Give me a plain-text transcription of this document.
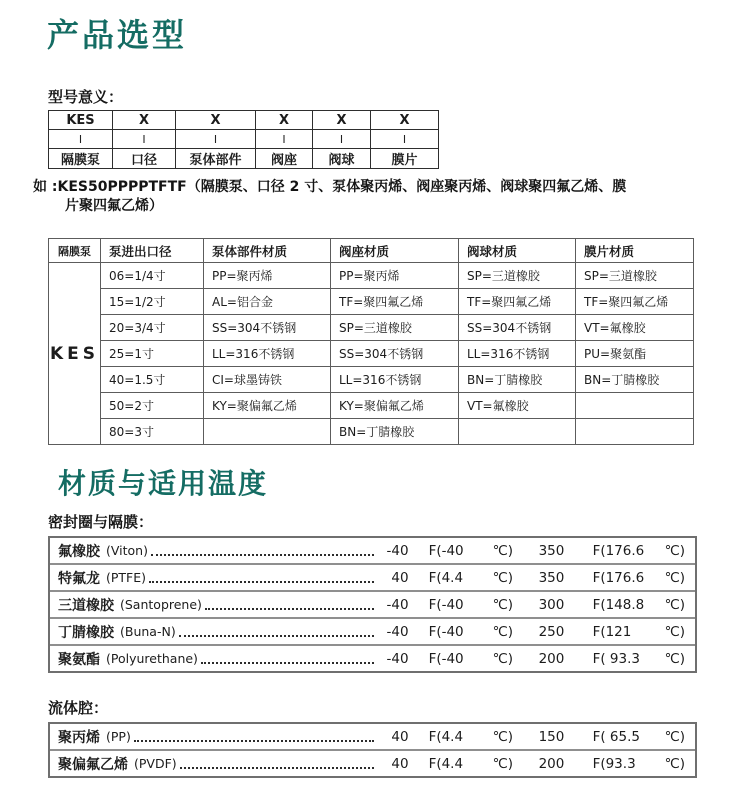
产品选型
型号意义：
KES	X	X	X	X	X
I	I	I	I	I	I
隔膜泵	口径	泵体部件	阀座	阀球	膜片
如 :KES50PPPPTFTF（隔膜泵、口径 2 寸、泵体聚丙烯、阀座聚丙烯、阀球聚四氟乙烯、膜
片聚四氟乙烯）
隔膜泵	泵进出口径	泵体部件材质	阀座材质	阀球材质	膜片材质
KES	06=1/4寸	PP=聚丙烯	PP=聚丙烯	SP=三道橡胶	SP=三道橡胶
	15=1/2寸	AL=铝合金	TF=聚四氟乙烯	TF=聚四氟乙烯	TF=聚四氟乙烯
	20=3/4寸	SS=304不锈钢	SP=三道橡胶	SS=304不锈钢	VT=氟橡胶
	25=1寸	LL=316不锈钢	SS=304不锈钢	LL=316不锈钢	PU=聚氨酯
	40=1.5寸	CI=球墨铸铁	LL=316不锈钢	BN=丁腈橡胶	BN=丁腈橡胶
	50=2寸	KY=聚偏氟乙烯	KY=聚偏氟乙烯	VT=氟橡胶	
	80=3寸		BN=丁腈橡胶		
材质与适用温度
密封圈与隔膜：
氟橡胶 (Viton)	-40 F(-40	℃)	350	F(176.6	℃)
特氟龙 (PTFE)	40 F(4.4	℃)	350	F(176.6	℃)
三道橡胶 (Santoprene)	-40 F(-40	℃)	300	F(148.8	℃)
丁腈橡胶 (Buna-N)	-40 F(-40	℃)	250	F(121	℃)
聚氨酯 (Polyurethane)	-40 F(-40	℃)	200	F( 93.3	℃)
流体腔：
聚丙烯 (PP)	40 F(4.4	℃)	150	F( 65.5	℃)
聚偏氟乙烯 (PVDF)	40 F(4.4	℃)	200	F(93.3	℃)
